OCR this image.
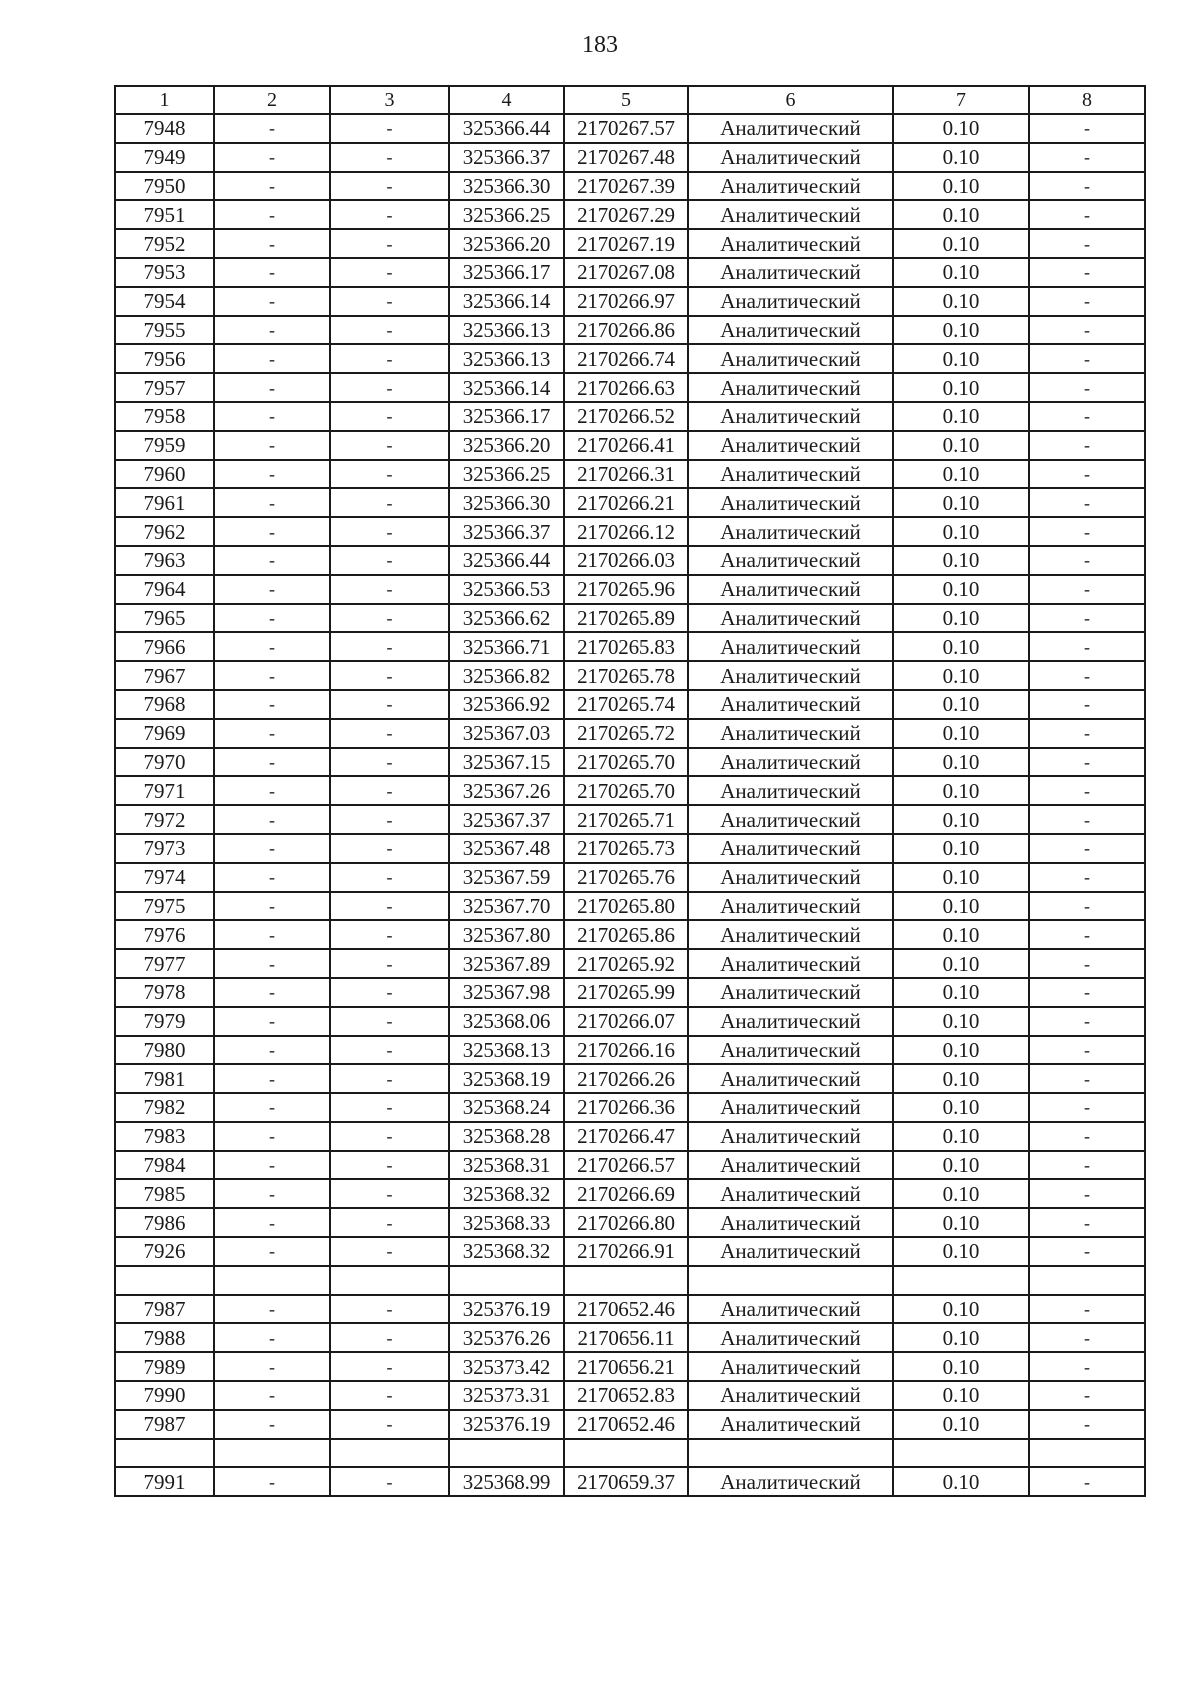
183
1	2	3	4	5	6	7	8
7948	-	-	325366.44	2170267.57	Аналитический	0.10	-
7949	-	-	325366.37	2170267.48	Аналитический	0.10	-
7950	-	-	325366.30	2170267.39	Аналитический	0.10	-
7951	-	-	325366.25	2170267.29	Аналитический	0.10	-
7952	-	-	325366.20	2170267.19	Аналитический	0.10	-
7953	-	-	325366.17	2170267.08	Аналитический	0.10	-
7954	-	-	325366.14	2170266.97	Аналитический	0.10	-
7955	-	-	325366.13	2170266.86	Аналитический	0.10	-
7956	-	-	325366.13	2170266.74	Аналитический	0.10	-
7957	-	-	325366.14	2170266.63	Аналитический	0.10	-
7958	-	-	325366.17	2170266.52	Аналитический	0.10	-
7959	-	-	325366.20	2170266.41	Аналитический	0.10	-
7960	-	-	325366.25	2170266.31	Аналитический	0.10	-
7961	-	-	325366.30	2170266.21	Аналитический	0.10	-
7962	-	-	325366.37	2170266.12	Аналитический	0.10	-
7963	-	-	325366.44	2170266.03	Аналитический	0.10	-
7964	-	-	325366.53	2170265.96	Аналитический	0.10	-
7965	-	-	325366.62	2170265.89	Аналитический	0.10	-
7966	-	-	325366.71	2170265.83	Аналитический	0.10	-
7967	-	-	325366.82	2170265.78	Аналитический	0.10	-
7968	-	-	325366.92	2170265.74	Аналитический	0.10	-
7969	-	-	325367.03	2170265.72	Аналитический	0.10	-
7970	-	-	325367.15	2170265.70	Аналитический	0.10	-
7971	-	-	325367.26	2170265.70	Аналитический	0.10	-
7972	-	-	325367.37	2170265.71	Аналитический	0.10	-
7973	-	-	325367.48	2170265.73	Аналитический	0.10	-
7974	-	-	325367.59	2170265.76	Аналитический	0.10	-
7975	-	-	325367.70	2170265.80	Аналитический	0.10	-
7976	-	-	325367.80	2170265.86	Аналитический	0.10	-
7977	-	-	325367.89	2170265.92	Аналитический	0.10	-
7978	-	-	325367.98	2170265.99	Аналитический	0.10	-
7979	-	-	325368.06	2170266.07	Аналитический	0.10	-
7980	-	-	325368.13	2170266.16	Аналитический	0.10	-
7981	-	-	325368.19	2170266.26	Аналитический	0.10	-
7982	-	-	325368.24	2170266.36	Аналитический	0.10	-
7983	-	-	325368.28	2170266.47	Аналитический	0.10	-
7984	-	-	325368.31	2170266.57	Аналитический	0.10	-
7985	-	-	325368.32	2170266.69	Аналитический	0.10	-
7986	-	-	325368.33	2170266.80	Аналитический	0.10	-
7926	-	-	325368.32	2170266.91	Аналитический	0.10	-

7987	-	-	325376.19	2170652.46	Аналитический	0.10	-
7988	-	-	325376.26	2170656.11	Аналитический	0.10	-
7989	-	-	325373.42	2170656.21	Аналитический	0.10	-
7990	-	-	325373.31	2170652.83	Аналитический	0.10	-
7987	-	-	325376.19	2170652.46	Аналитический	0.10	-

7991	-	-	325368.99	2170659.37	Аналитический	0.10	-
